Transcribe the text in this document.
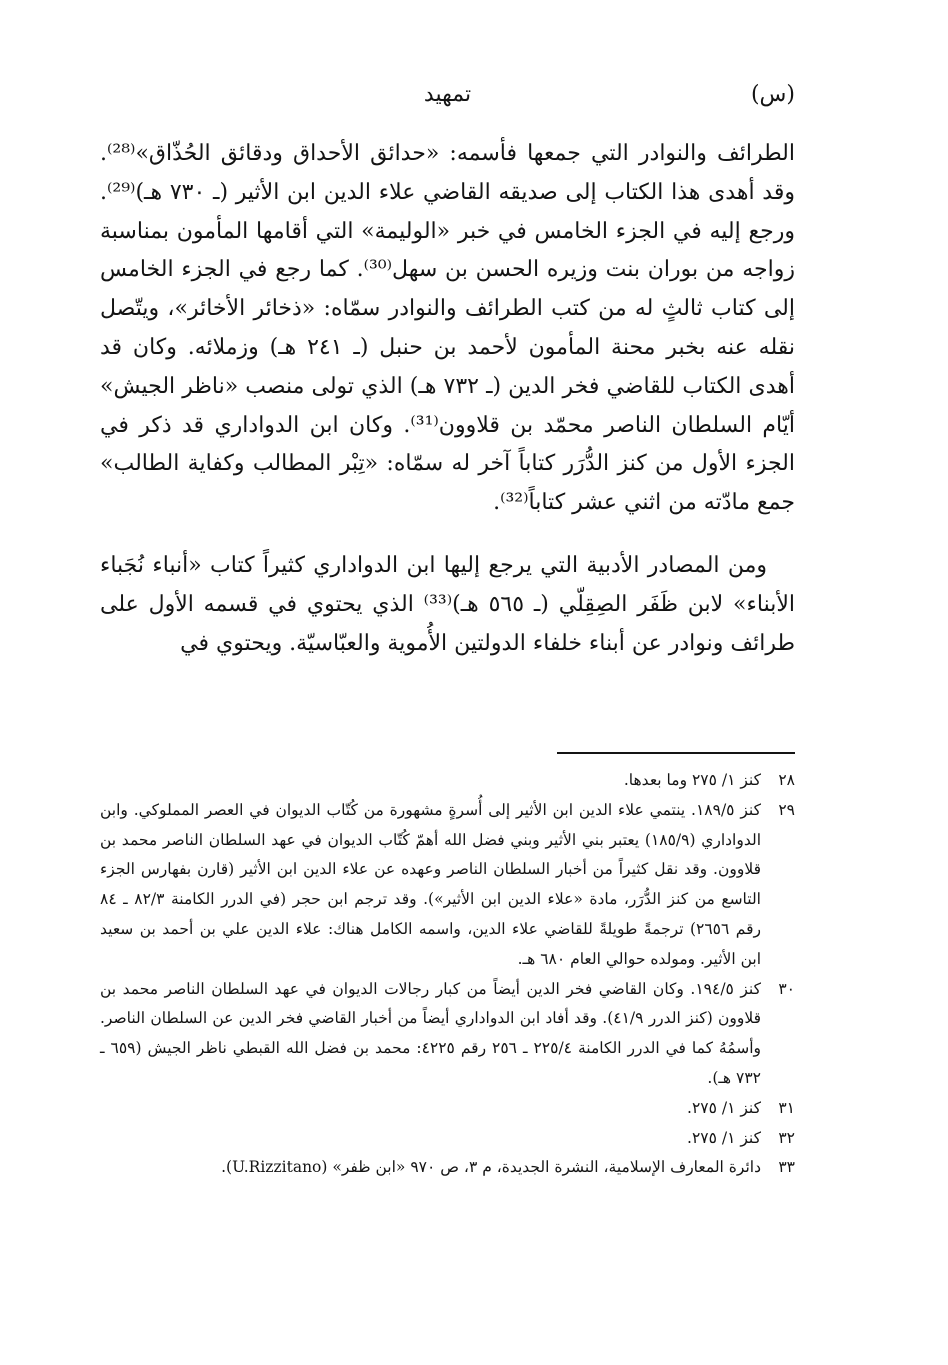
(س)
تمهيد

الطرائف والنوادر التي جمعها فأسمه: «حدائق الأحداق ودقائق الحُذّاق»⁽²⁸⁾. وقد أهدى هذا الكتاب إلى صديقه القاضي علاء الدين ابن الأثير (ـ ٧٣٠ هـ)⁽²⁹⁾. ورجع إليه في الجزء الخامس في خبر «الوليمة» التي أقامها المأمون بمناسبة زواجه من بوران بنت وزيره الحسن بن سهل⁽³⁰⁾. كما رجع في الجزء الخامس إلى كتاب ثالثٍ له من كتب الطرائف والنوادر سمّاه: «ذخائر الأخائر»، ويتّصل نقله عنه بخبر محنة المأمون لأحمد بن حنبل (ـ ٢٤١ هـ) وزملائه. وكان قد أهدى الكتاب للقاضي فخر الدين (ـ ٧٣٢ هـ) الذي تولى منصب «ناظر الجيش» أيّام السلطان الناصر محمّد بن قلاوون⁽³¹⁾. وكان ابن الدواداري قد ذكر في الجزء الأول من كنز الدُّرَر كتاباً آخر له سمّاه: «تِبْر المطالب وكفاية الطالب» جمع مادّته من اثني عشر كتاباً⁽³²⁾.

ومن المصادر الأدبية التي يرجع إليها ابن الدواداري كثيراً كتاب «أنباء نُجَباء الأبناء» لابن ظَفَر الصِقِلّي (ـ ٥٦٥ هـ)⁽³³⁾ الذي يحتوي في قسمه الأول على طرائف ونوادر عن أبناء خلفاء الدولتين الأُموية والعبّاسيّة. ويحتوي في

٢٨
كنز ١/ ٢٧٥ وما بعدها.
٢٩
كنز ١٨٩/٥. ينتمي علاء الدين ابن الأثير إلى أُسرةٍ مشهورة من كُتّاب الديوان في العصر المملوكي. وابن الدواداري (١٨٥/٩) يعتبر بني الأثير وبني فضل الله أهمّ كُتّاب الديوان في عهد السلطان الناصر محمد بن قلاوون. وقد نقل كثيراً من أخبار السلطان الناصر وعهده عن علاء الدين ابن الأثير (قارن بفهارس الجزء التاسع من كنز الدُّرَر، مادة «علاء الدين ابن الأثير»). وقد ترجم ابن حجر (في الدرر الكامنة ٨٢/٣ ـ ٨٤ رقم ٢٦٥٦) ترجمةً طويلةً للقاضي علاء الدين، واسمه الكامل هناك: علاء الدين علي بن أحمد بن سعيد ابن الأثير. ومولده حوالي العام ٦٨٠ هـ.
٣٠
كنز ١٩٤/٥. وكان القاضي فخر الدين أيضاً من كبار رجالات الديوان في عهد السلطان الناصر محمد بن قلاوون (كنز الدرر ٤١/٩). وقد أفاد ابن الدواداري أيضاً من أخبار القاضي فخر الدين عن السلطان الناصر. وأسمُهُ كما في الدرر الكامنة ٢٢٥/٤ ـ ٢٥٦ رقم ٤٢٢٥: محمد بن فضل الله القبطي ناظر الجيش (٦٥٩ ـ ٧٣٢ هـ).
٣١
كنز ١/ ٢٧٥.
٣٢
كنز ١/ ٢٧٥.
٣٣
دائرة المعارف الإسلامية، النشرة الجديدة، م ٣، ص ٩٧٠ «ابن ظفر» (U.Rizzitano).
